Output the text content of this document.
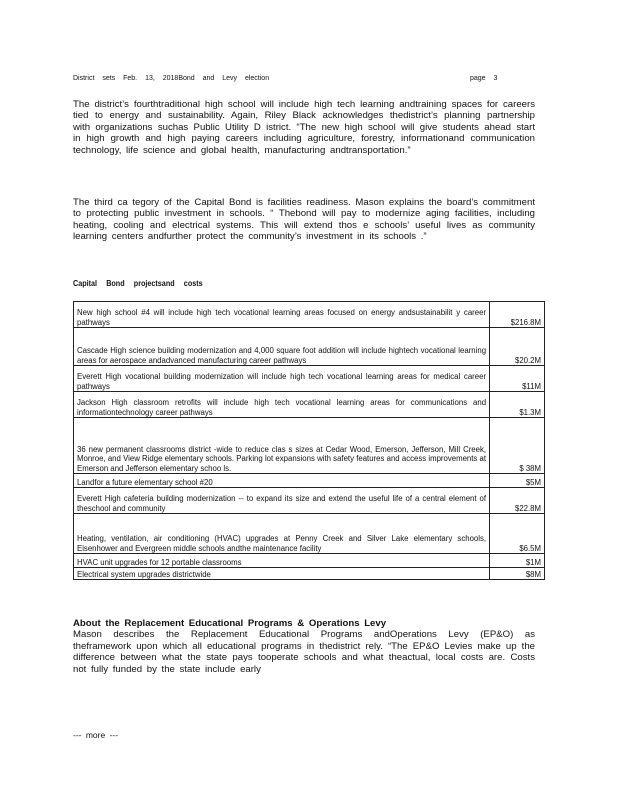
District sets Feb. 13, 2018Bond and Levy election	page 3
The district’s fourthtraditional high school will include high tech learning andtraining spaces for careers tied to energy and sustainability. Again, Riley Black acknowledges thedistrict’s planning partnership with organizations suchas Public Utility D istrict. “The new high school will give students ahead start in high growth and high paying careers including agriculture, forestry, informationand communication technology, life science and global health, manufacturing andtransportation.”
The third ca tegory of the Capital Bond is facilities readiness. Mason explains the board’s commitment to protecting public investment in schools. “ Thebond will pay to modernize aging facilities, including heating, cooling and electrical systems. This will extend thos e schools’ useful lives as community learning centers andfurther protect the community’s investment in its schools .”
Capital Bond projectsand costs
New high school #4 will include high tech vocational learning areas focused on energy andsustainabilit y career pathways	$216.8M
Cascade High science building modernization and 4,000 square foot addition will include hightech vocational learning areas for aerospace andadvanced manufacturing career pathways	$20.2M
Everett High vocational building modernization will include high tech vocational learning areas for medical career pathways	$11M
Jackson High classroom retrofits will include high tech vocational learning areas for communications and informationtechnology career pathways	$1.3M
36 new permanent classrooms district -wide to reduce clas s sizes at Cedar Wood, Emerson, Jefferson, Mill Creek, Monroe, and View Ridge elementary schools. Parking lot expansions with safety features and access improvements at Emerson and Jefferson elementary schoo ls.	$ 38M
Landfor a future elementary school #20	$5M
Everett High cafeteria building modernization -- to expand its size and extend the useful life of a central element of theschool and community	$22.8M
Heating, ventilation, air conditioning (HVAC) upgrades at Penny Creek and Silver Lake elementary schools, Eisenhower and Evergreen middle schools andthe maintenance facility	$6.5M
HVAC unit upgrades for 12 portable classrooms	$1M
Electrical system upgrades districtwide	$8M
About the Replacement Educational Programs & Operations Levy
Mason describes the Replacement Educational Programs andOperations Levy (EP&O) as theframework upon which all educational programs in thedistrict rely. “The EP&O Levies make up the difference between what the state pays tooperate schools and what theactual, local costs are. Costs not fully funded by the state include early
--- more ---
